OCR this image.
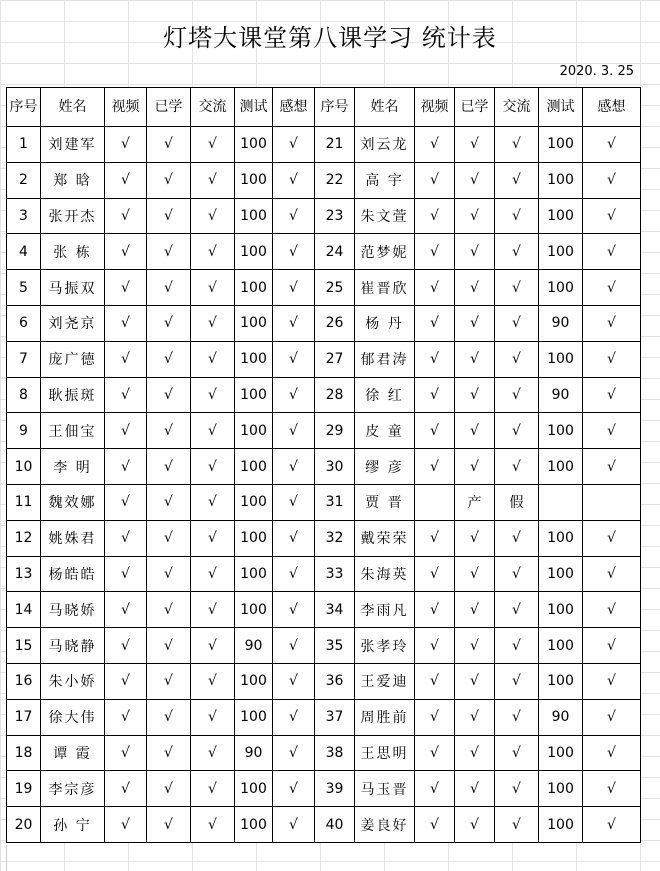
灯塔大课堂第八课学习 统计表
2020. 3. 25
序号	姓名	视频	已学	交流	测试	感想	序号	姓名	视频	已学	交流	测试	感想
1	刘建军	√	√	√	100	√	21	刘云龙	√	√	√	100	√
2	郑 晗	√	√	√	100	√	22	高 宇	√	√	√	100	√
3	张开杰	√	√	√	100	√	23	朱文萱	√	√	√	100	√
4	张 栋	√	√	√	100	√	24	范梦妮	√	√	√	100	√
5	马振双	√	√	√	100	√	25	崔晋欣	√	√	√	100	√
6	刘尧京	√	√	√	100	√	26	杨 丹	√	√	√	90	√
7	庞广德	√	√	√	100	√	27	郁君涛	√	√	√	100	√
8	耿振斑	√	√	√	100	√	28	徐 红	√	√	√	90	√
9	王佃宝	√	√	√	100	√	29	皮 童	√	√	√	100	√
10	李 明	√	√	√	100	√	30	缪 彦	√	√	√	100	√
11	魏效娜	√	√	√	100	√	31	贾 晋		产	假		
12	姚姝君	√	√	√	100	√	32	戴荣荣	√	√	√	100	√
13	杨皓皓	√	√	√	100	√	33	朱海英	√	√	√	100	√
14	马晓娇	√	√	√	100	√	34	李雨凡	√	√	√	100	√
15	马晓静	√	√	√	90	√	35	张孝玲	√	√	√	100	√
16	朱小娇	√	√	√	100	√	36	王爱迪	√	√	√	100	√
17	徐大伟	√	√	√	100	√	37	周胜前	√	√	√	90	√
18	谭 霞	√	√	√	90	√	38	王思明	√	√	√	100	√
19	李宗彦	√	√	√	100	√	39	马玉晋	√	√	√	100	√
20	孙 宁	√	√	√	100	√	40	姜良好	√	√	√	100	√
